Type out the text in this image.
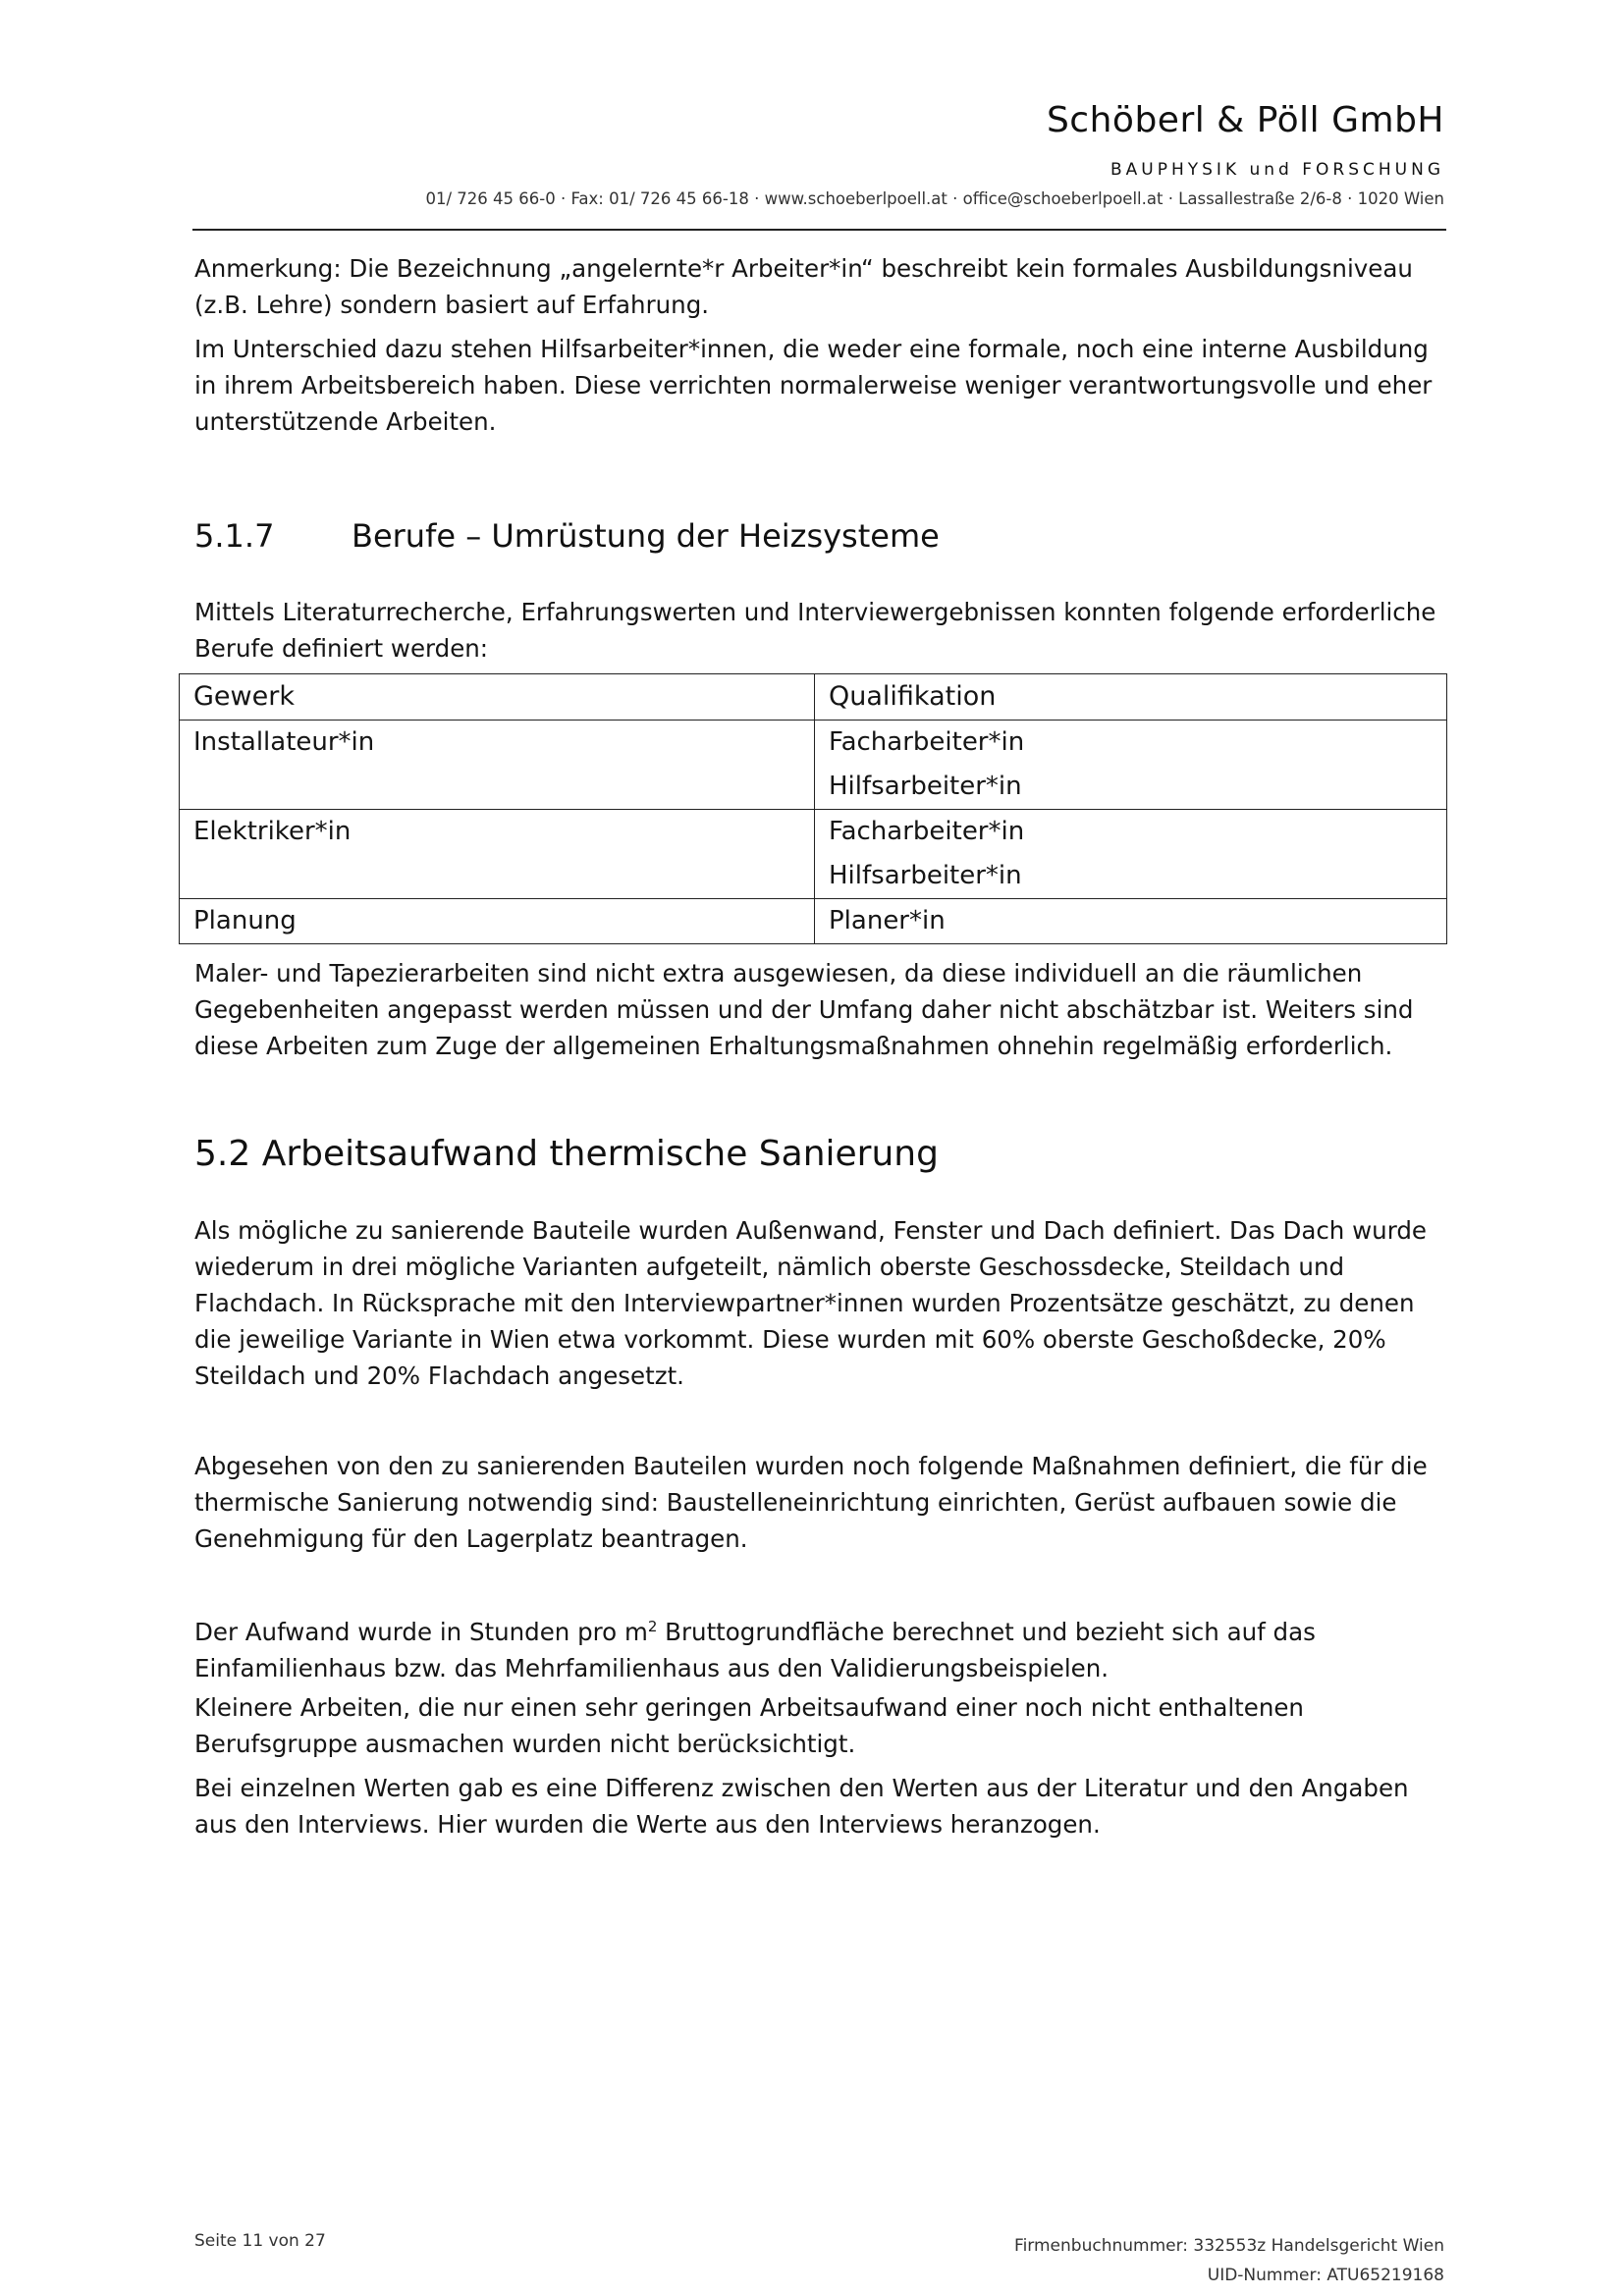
Schöberl & Pöll GmbH
BAUPHYSIK und FORSCHUNG
01/ 726 45 66-0 · Fax: 01/ 726 45 66-18 · www.schoeberlpoell.at · office@schoeberlpoell.at · Lassallestraße 2/6-8 · 1020 Wien

Anmerkung: Die Bezeichnung „angelernte*r Arbeiter*in“ beschreibt kein formales Ausbildungsniveau (z.B. Lehre) sondern basiert auf Erfahrung.

Im Unterschied dazu stehen Hilfsarbeiter*innen, die weder eine formale, noch eine interne Ausbildung in ihrem Arbeitsbereich haben. Diese verrichten normalerweise weniger verantwortungsvolle und eher unterstützende Arbeiten.

5.1.7 Berufe – Umrüstung der Heizsysteme

Mittels Literaturrecherche, Erfahrungswerten und Interviewergebnissen konnten folgende erforderliche Berufe definiert werden:

Gewerk	Qualifikation
Installateur*in	Facharbeiter*in
	Hilfsarbeiter*in
Elektriker*in	Facharbeiter*in
	Hilfsarbeiter*in
Planung	Planer*in

Maler- und Tapezierarbeiten sind nicht extra ausgewiesen, da diese individuell an die räumlichen Gegebenheiten angepasst werden müssen und der Umfang daher nicht abschätzbar ist. Weiters sind diese Arbeiten zum Zuge der allgemeinen Erhaltungsmaßnahmen ohnehin regelmäßig erforderlich.

5.2 Arbeitsaufwand thermische Sanierung

Als mögliche zu sanierende Bauteile wurden Außenwand, Fenster und Dach definiert. Das Dach wurde wiederum in drei mögliche Varianten aufgeteilt, nämlich oberste Geschossdecke, Steildach und Flachdach. In Rücksprache mit den Interviewpartner*innen wurden Prozentsätze geschätzt, zu denen die jeweilige Variante in Wien etwa vorkommt. Diese wurden mit 60% oberste Geschoßdecke, 20% Steildach und 20% Flachdach angesetzt.

Abgesehen von den zu sanierenden Bauteilen wurden noch folgende Maßnahmen definiert, die für die thermische Sanierung notwendig sind: Baustelleneinrichtung einrichten, Gerüst aufbauen sowie die Genehmigung für den Lagerplatz beantragen.

Der Aufwand wurde in Stunden pro $m^2$ Bruttogrundfläche berechnet und bezieht sich auf das Einfamilienhaus bzw. das Mehrfamilienhaus aus den Validierungsbeispielen.

Kleinere Arbeiten, die nur einen sehr geringen Arbeitsaufwand einer noch nicht enthaltenen Berufsgruppe ausmachen wurden nicht berücksichtigt.

Bei einzelnen Werten gab es eine Differenz zwischen den Werten aus der Literatur und den Angaben aus den Interviews. Hier wurden die Werte aus den Interviews heranzogen.

Seite 11 von 27	Firmenbuchnummer: 332553z Handelsgericht Wien
UID-Nummer: ATU65219168
